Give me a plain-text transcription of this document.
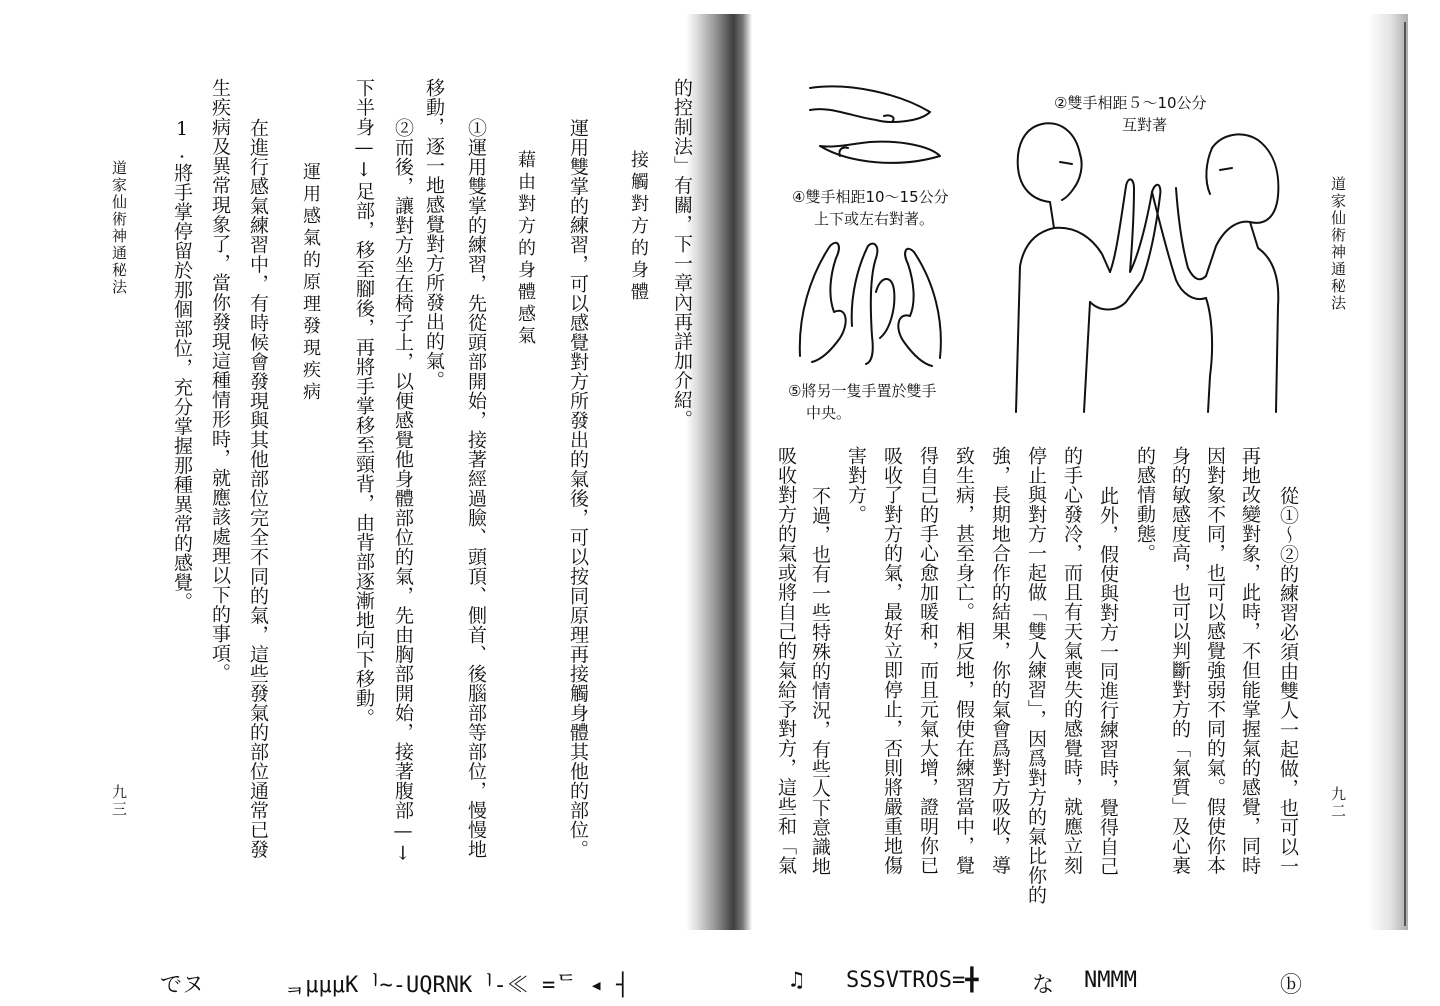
道家仙術神通秘法
九三
的控制法」有關，下一章內再詳加介紹。
接觸對方的身體
運用雙掌的練習，可以感覺對方所發出的氣後，可以按同原理再接觸身體其他的部位。
藉由對方的身體感氣
①運用雙掌的練習，先從頭部開始，接著經過臉、頭頂、側首、後腦部等部位，慢慢地
移動，逐一地感覺對方所發出的氣。
②而後，讓對方坐在椅子上，以便感覺他身體部位的氣，先由胸部開始，接著腹部—↓
下半身—↓足部，移至腳後，再將手掌移至頸背，由背部逐漸地向下移動。
運用感氣的原理發現疾病
在進行感氣練習中，有時候會發現與其他部位完全不同的氣，這些發氣的部位通常已發
生疾病及異常現象了，當你發現這種情形時，就應該處理以下的事項。
1.將手掌停留於那個部位，充分掌握那種異常的感覺。
②雙手相距５～10公分
互對著
④雙手相距10～15公分
上下或左右對著。
⑤將另一隻手置於雙手
中央。
道家仙術神通秘法
九二
從①～②的練習必須由雙人一起做，也可以一
再地改變對象，此時，不但能掌握氣的感覺，同時
因對象不同，也可以感覺強弱不同的氣。假使你本
身的敏感度高，也可以判斷對方的「氣質」及心裏
的感情動態。
此外，假使與對方一同進行練習時，覺得自己
的手心發冷，而且有天氣喪失的感覺時，就應立刻
停止與對方一起做「雙人練習」，因爲對方的氣比你的
強，長期地合作的結果，你的氣會爲對方吸收，導
致生病，甚至身亡。相反地，假使在練習當中，覺
得自己的手心愈加暖和，而且元氣大增，證明你已
吸收了對方的氣，最好立即停止，否則將嚴重地傷
害對方。
不過，也有一些特殊的情況，有些人下意識地
吸收對方的氣或將自己的氣給予對方，這些和「氣
でヌ	ᆿμμμKᅵ~-UQRNKᅵ-≪ =ᄃ ◂ ┤	♫ SSSVTROS=╋ な NMMM	ⓑ
